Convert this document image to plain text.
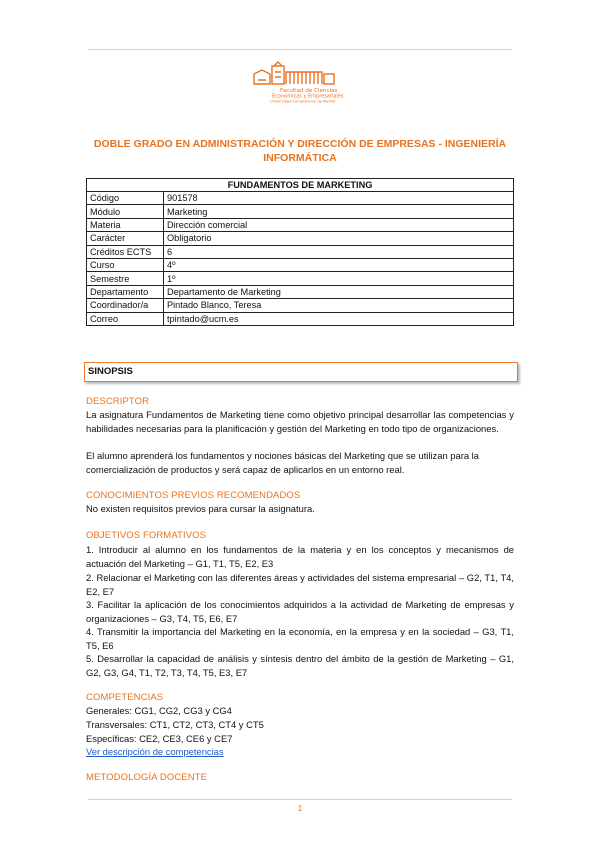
Facultad de Ciencias
Económicas y Empresariales
Universidad Complutense de Madrid
DOBLE GRADO EN ADMINISTRACIÓN Y DIRECCIÓN DE EMPRESAS - INGENIERÍA INFORMÁTICA
FUNDAMENTOS DE MARKETING	
Código	901578
Módulo	Marketing
Materia	Dirección comercial
Carácter	Obligatorio
Créditos ECTS	6
Curso	4º
Semestre	1º
Departamento	Departamento de Marketing
Coordinador/a	Pintado Blanco, Teresa
Correo	tpintado@ucm.es
SINOPSIS
DESCRIPTOR
La asignatura Fundamentos de Marketing tiene como objetivo principal desarrollar las competencias y habilidades necesarias para la planificación y gestión del Marketing en todo tipo de organizaciones.
El alumno aprenderá los fundamentos y nociones básicas del Marketing que se utilizan para la comercialización de productos y será capaz de aplicarlos en un entorno real.
CONOCIMIENTOS PREVIOS RECOMENDADOS
No existen requisitos previos para cursar la asignatura.
OBJETIVOS FORMATIVOS
1. Introducir al alumno en los fundamentos de la materia y en los conceptos y mecanismos de actuación del Marketing – G1, T1, T5, E2, E3
2. Relacionar el Marketing con las diferentes áreas y actividades del sistema empresarial – G2, T1, T4, E2, E7
3. Facilitar la aplicación de los conocimientos adquiridos a la actividad de Marketing de empresas y organizaciones – G3, T4, T5, E6, E7
4. Transmitir la importancia del Marketing en la economía, en la empresa y en la sociedad – G3, T1, T5, E6
5. Desarrollar la capacidad de análisis y síntesis dentro del ámbito de la gestión de Marketing – G1, G2, G3, G4, T1, T2, T3, T4, T5, E3, E7
COMPETENCIAS
Generales: CG1, CG2, CG3 y CG4
Transversales: CT1, CT2, CT3, CT4 y CT5
Específicas: CE2, CE3, CE6 y CE7
Ver descripción de competencias
METODOLOGÍA DOCENTE
1
